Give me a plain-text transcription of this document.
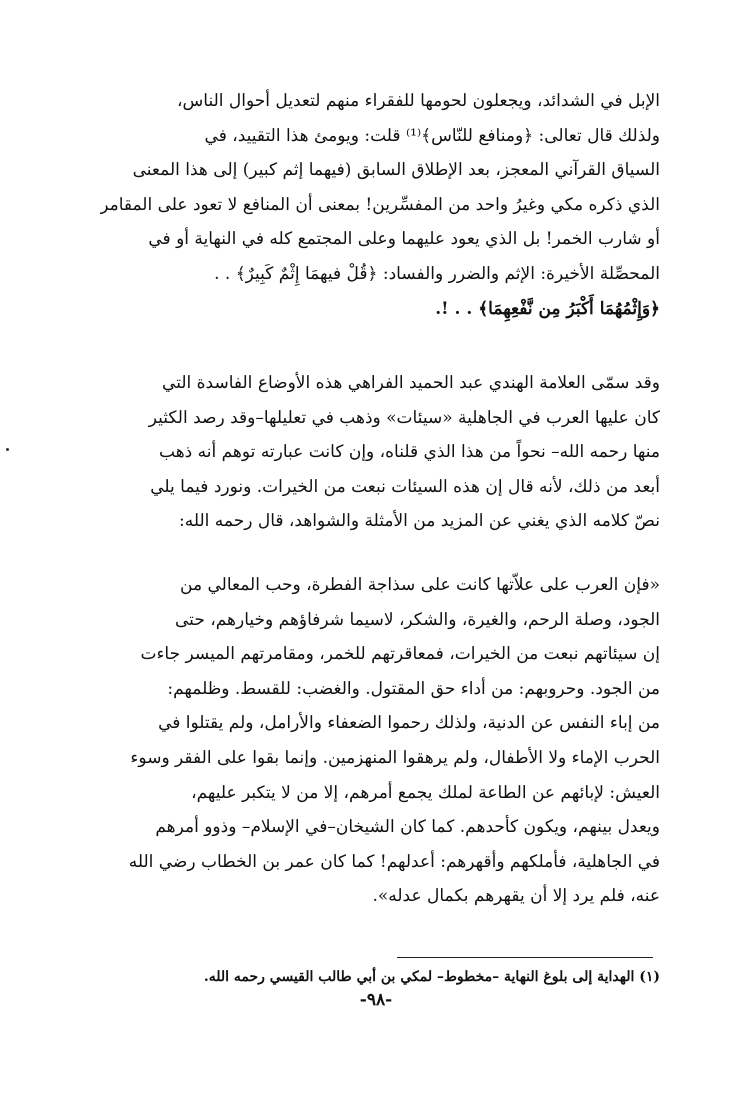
الإبل في الشدائد، ويجعلون لحومها للفقراء منهم لتعديل أحوال الناس،
ولذلك قال تعالى: ﴿ومنافع للنّاس﴾⁽¹⁾ قلت: ويومئ هذا التقييد، في
السياق القرآني المعجز، بعد الإطلاق السابق (فيهما إثم كبير) إلى هذا المعنى
الذي ذكره مكي وغيرُ واحد من المفسِّرين! بمعنى أن المنافع لا تعود على المقامر
أو شارب الخمر! بل الذي يعود عليهما وعلى المجتمع كله في النهاية أو في
المحصِّلة الأخيرة: الإثم والضرر والفساد: ﴿قُلْ فيهمَا إِثْمٌ كَبِيرٌ﴾ . .
﴿وَإِثْمُهُمَا أَكْبَرُ مِن نَّفْعِهِمَا﴾ . . !.
وقد سمّى العلامة الهندي عبد الحميد الفراهي هذه الأوضاع الفاسدة التي
كان عليها العرب في الجاهلية «سيئات» وذهب في تعليلها–وقد رصد الكثير
منها رحمه الله– نحواً من هذا الذي قلناه، وإن كانت عبارته توهم أنه ذهب
أبعد من ذلك، لأنه قال إن هذه السيئات نبعت من الخيرات. ونورد فيما يلي
نصّ كلامه الذي يغني عن المزيد من الأمثلة والشواهد، قال رحمه الله:
«فإن العرب على علاّتها كانت على سذاجة الفطرة، وحب المعالي من
الجود، وصلة الرحم، والغيرة، والشكر، لاسيما شرفاؤهم وخيارهم، حتى
إن سيئاتهم نبعت من الخيرات، فمعاقرتهم للخمر، ومقامرتهم الميسر جاءت
من الجود. وحروبهم: من أداء حق المقتول. والغضب: للقسط. وظلمهم:
من إباء النفس عن الدنية، ولذلك رحموا الضعفاء والأرامل، ولم يقتلوا في
الحرب الإماء ولا الأطفال، ولم يرهقوا المنهزمين. وإنما بقوا على الفقر وسوء
العيش: لإبائهم عن الطاعة لملك يجمع أمرهم، إلا من لا يتكبر عليهم،
ويعدل بينهم، ويكون كأحدهم. كما كان الشيخان–في الإسلام– وذوو أمرهم
في الجاهلية، فأملكهم وأقهرهم: أعدلهم! كما كان عمر بن الخطاب رضي الله
عنه، فلم يرد إلا أن يقهرهم بكمال عدله».
(١) الهداية إلى بلوغ النهاية –مخطوط– لمكي بن أبي طالب القيسي رحمه الله.
-٩٨-
